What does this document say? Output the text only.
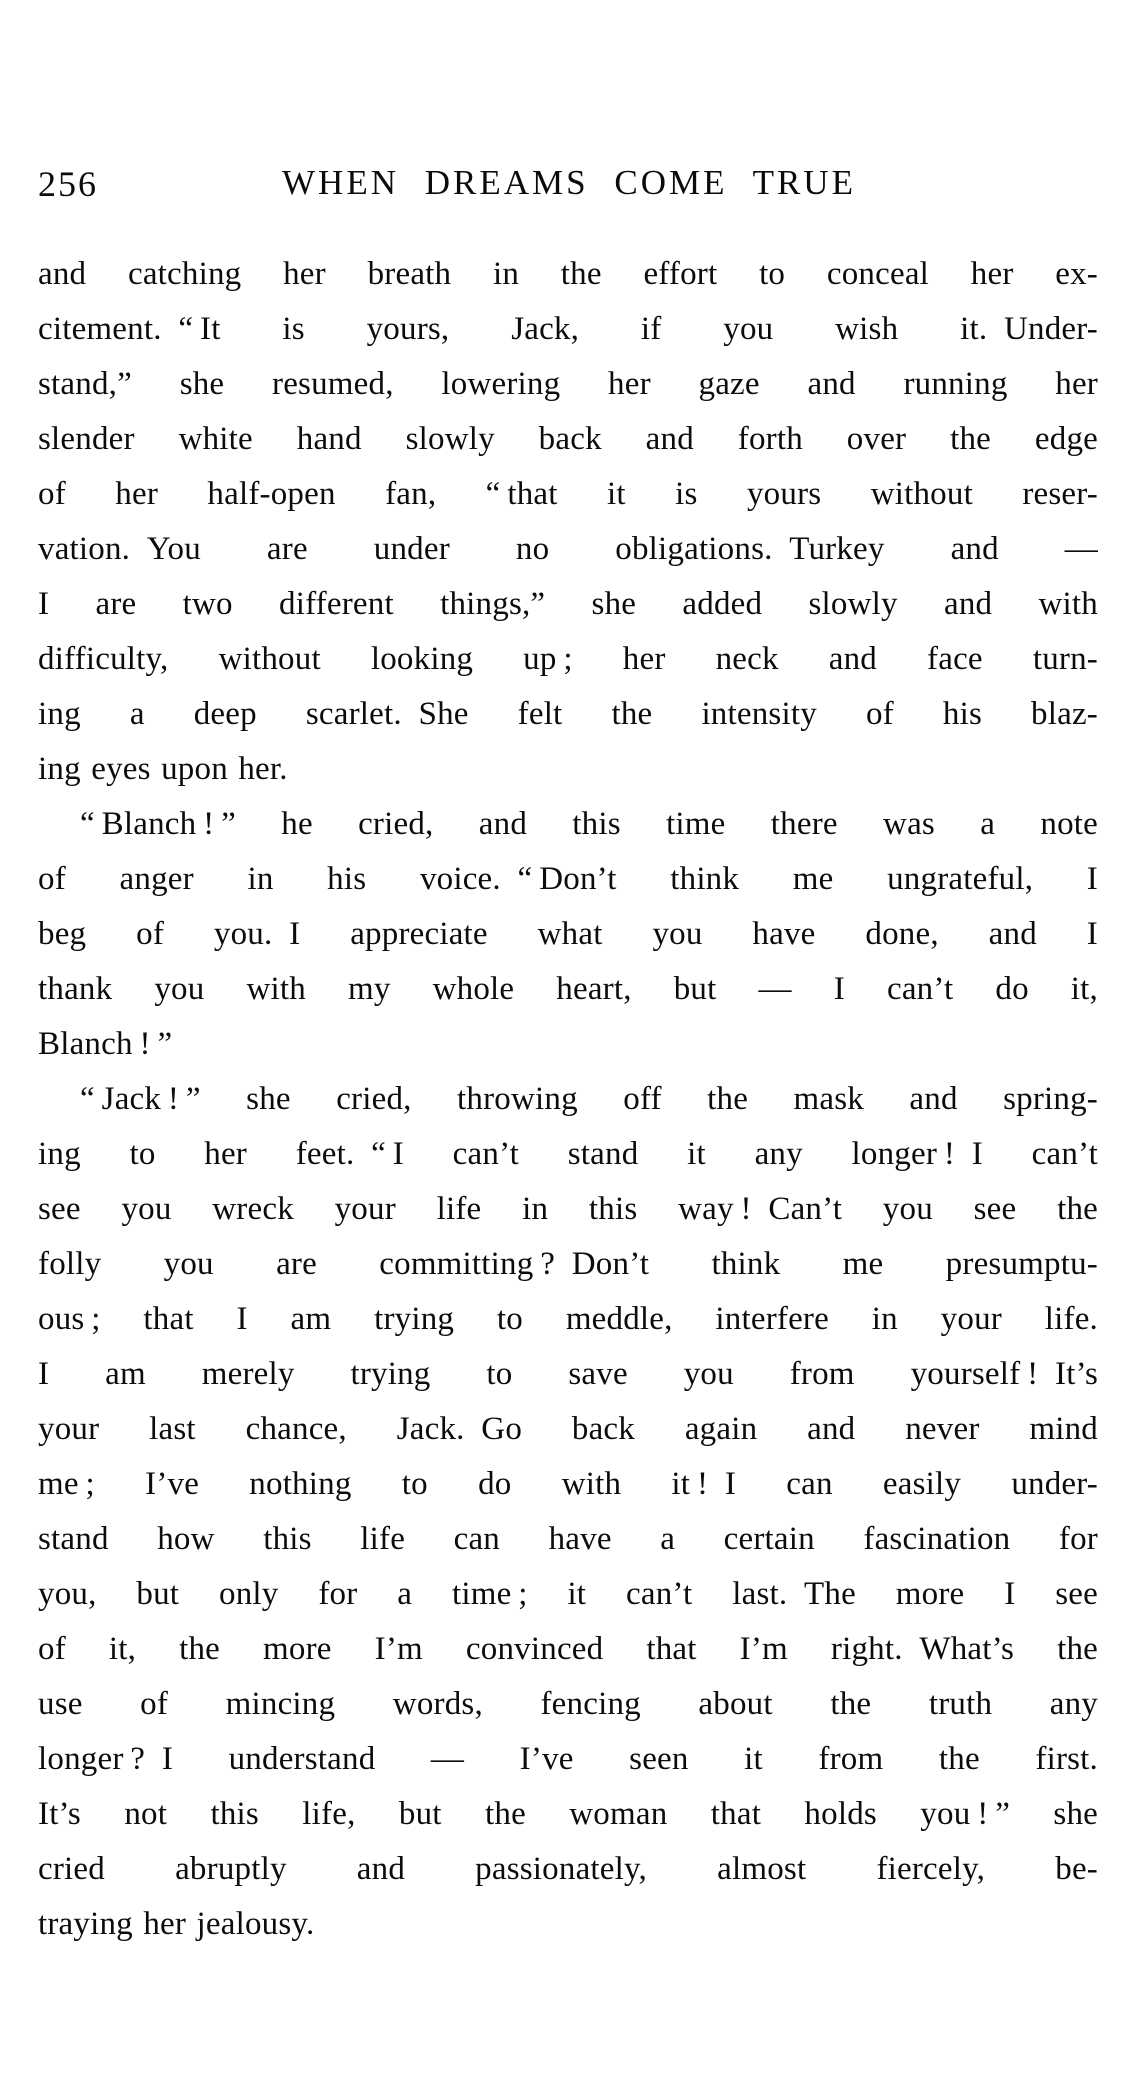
256	WHEN DREAMS COME TRUE
and catching her breath in the effort to conceal her ex-
citement. “ It is yours, Jack, if you wish it. Under-
stand,” she resumed, lowering her gaze and running her
slender white hand slowly back and forth over the edge
of her half-open fan, “ that it is yours without reser-
vation. You are under no obligations. Turkey and —
I are two different things,” she added slowly and with
difficulty, without looking up ; her neck and face turn-
ing a deep scarlet. She felt the intensity of his blaz-
ing eyes upon her.
“ Blanch ! ” he cried, and this time there was a note
of anger in his voice. “ Don’t think me ungrateful, I
beg of you. I appreciate what you have done, and I
thank you with my whole heart, but — I can’t do it,
Blanch ! ”
“ Jack ! ” she cried, throwing off the mask and spring-
ing to her feet. “ I can’t stand it any longer ! I can’t
see you wreck your life in this way ! Can’t you see the
folly you are committing ? Don’t think me presumptu-
ous ; that I am trying to meddle, interfere in your life.
I am merely trying to save you from yourself ! It’s
your last chance, Jack. Go back again and never mind
me ; I’ve nothing to do with it ! I can easily under-
stand how this life can have a certain fascination for
you, but only for a time ; it can’t last. The more I see
of it, the more I’m convinced that I’m right. What’s the
use of mincing words, fencing about the truth any
longer ? I understand — I’ve seen it from the first.
It’s not this life, but the woman that holds you ! ” she
cried abruptly and passionately, almost fiercely, be-
traying her jealousy.
